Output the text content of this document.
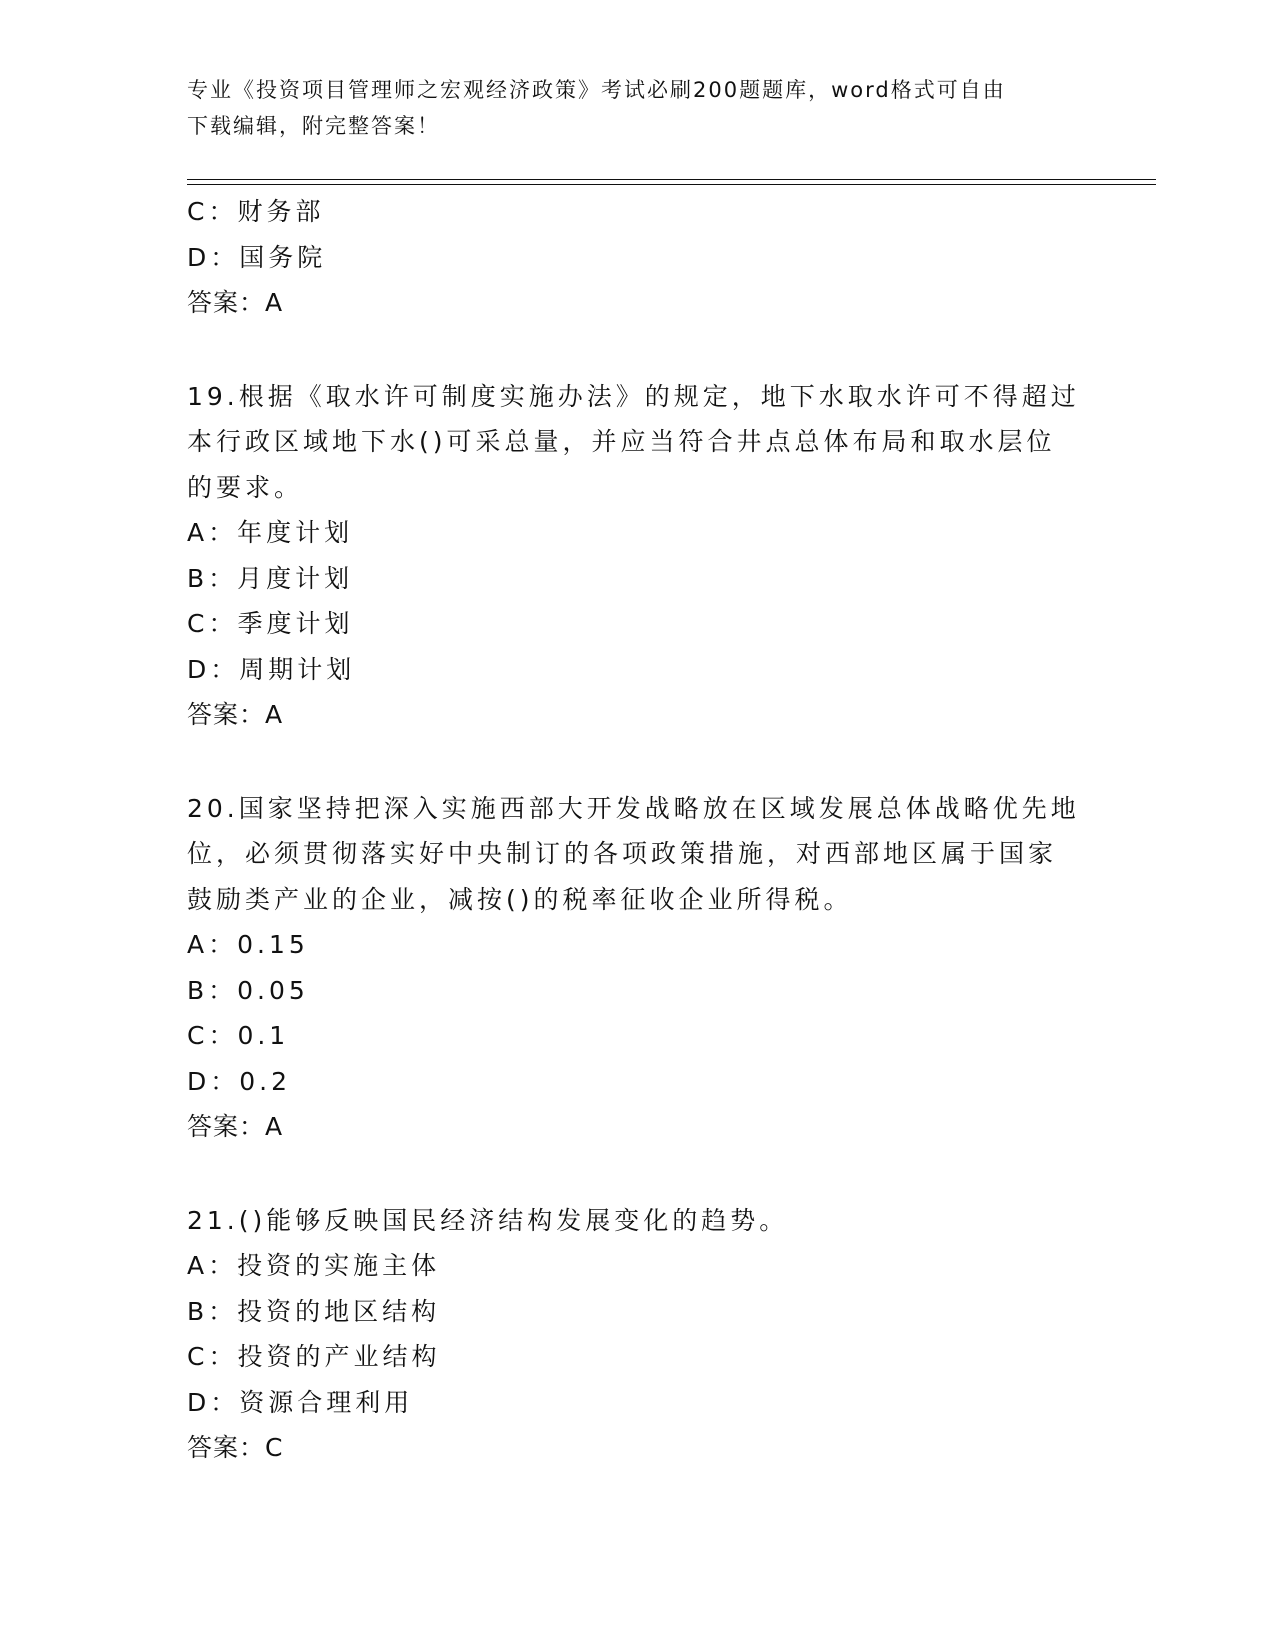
专业《投资项目管理师之宏观经济政策》考试必刷200题题库，word格式可自由
下载编辑，附完整答案！
C：财务部
D：国务院
答案：A
19.根据《取水许可制度实施办法》的规定，地下水取水许可不得超过
本行政区域地下水()可采总量，并应当符合井点总体布局和取水层位
的要求。
A：年度计划
B：月度计划
C：季度计划
D：周期计划
答案：A
20.国家坚持把深入实施西部大开发战略放在区域发展总体战略优先地
位，必须贯彻落实好中央制订的各项政策措施，对西部地区属于国家
鼓励类产业的企业，减按()的税率征收企业所得税。
A：0.15
B：0.05
C：0.1
D：0.2
答案：A
21.()能够反映国民经济结构发展变化的趋势。
A：投资的实施主体
B：投资的地区结构
C：投资的产业结构
D：资源合理利用
答案：C
